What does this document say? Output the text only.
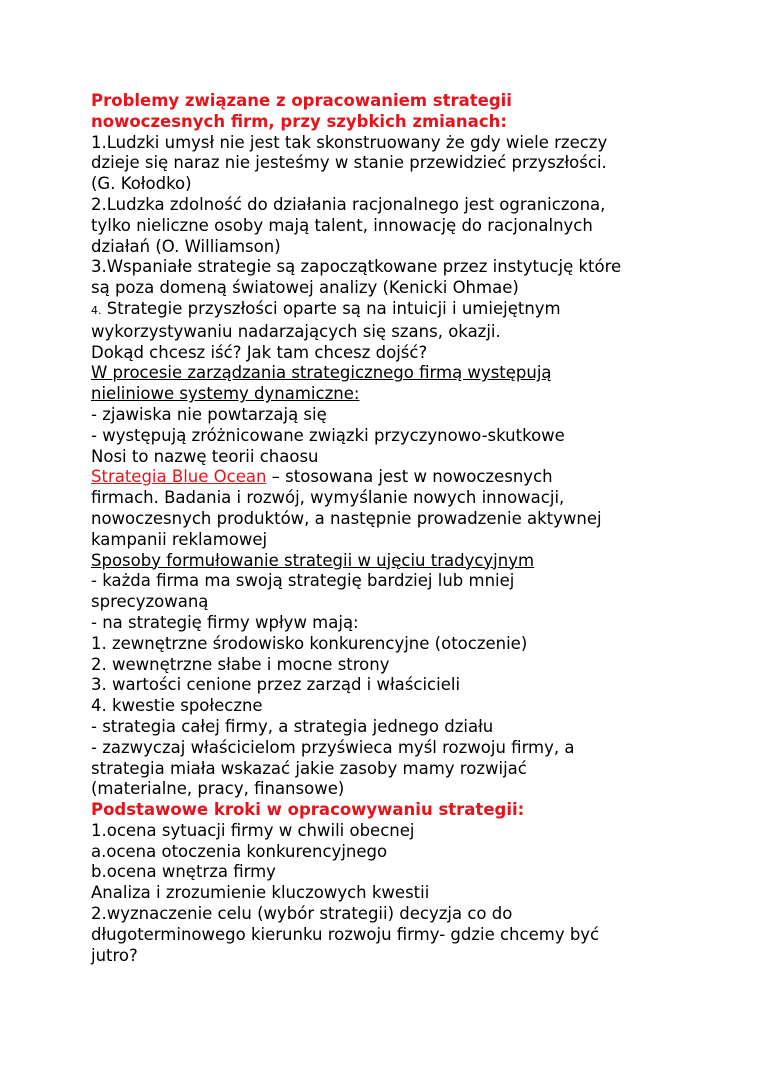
Problemy związane z opracowaniem strategii
nowoczesnych firm, przy szybkich zmianach:
1.Ludzki umysł nie jest tak skonstruowany że gdy wiele rzeczy
dzieje się naraz nie jesteśmy w stanie przewidzieć przyszłości.
(G. Kołodko)
2.Ludzka zdolność do działania racjonalnego jest ograniczona,
tylko nieliczne osoby mają talent, innowację do racjonalnych
działań (O. Williamson)
3.Wspaniałe strategie są zapoczątkowane przez instytucję które
są poza domeną światowej analizy (Kenicki Ohmae)
4. Strategie przyszłości oparte są na intuicji i umiejętnym
wykorzystywaniu nadarzających się szans, okazji.
Dokąd chcesz iść? Jak tam chcesz dojść?
W procesie zarządzania strategicznego firmą występują
nieliniowe systemy dynamiczne:
- zjawiska nie powtarzają się
- występują zróżnicowane związki przyczynowo-skutkowe
Nosi to nazwę teorii chaosu
Strategia Blue Ocean – stosowana jest w nowoczesnych
firmach. Badania i rozwój, wymyślanie nowych innowacji,
nowoczesnych produktów, a następnie prowadzenie aktywnej
kampanii reklamowej
Sposoby formułowanie strategii w ujęciu tradycyjnym
- każda firma ma swoją strategię bardziej lub mniej
sprecyzowaną
- na strategię firmy wpływ mają:
1. zewnętrzne środowisko konkurencyjne (otoczenie)
2. wewnętrzne słabe i mocne strony
3. wartości cenione przez zarząd i właścicieli
4. kwestie społeczne
- strategia całej firmy, a strategia jednego działu
- zazwyczaj właścicielom przyświeca myśl rozwoju firmy, a
strategia miała wskazać jakie zasoby mamy rozwijać
(materialne, pracy, finansowe)
Podstawowe kroki w opracowywaniu strategii:
1.ocena sytuacji firmy w chwili obecnej
a.ocena otoczenia konkurencyjnego
b.ocena wnętrza firmy
Analiza i zrozumienie kluczowych kwestii
2.wyznaczenie celu (wybór strategii) decyzja co do
długoterminowego kierunku rozwoju firmy- gdzie chcemy być
jutro?
